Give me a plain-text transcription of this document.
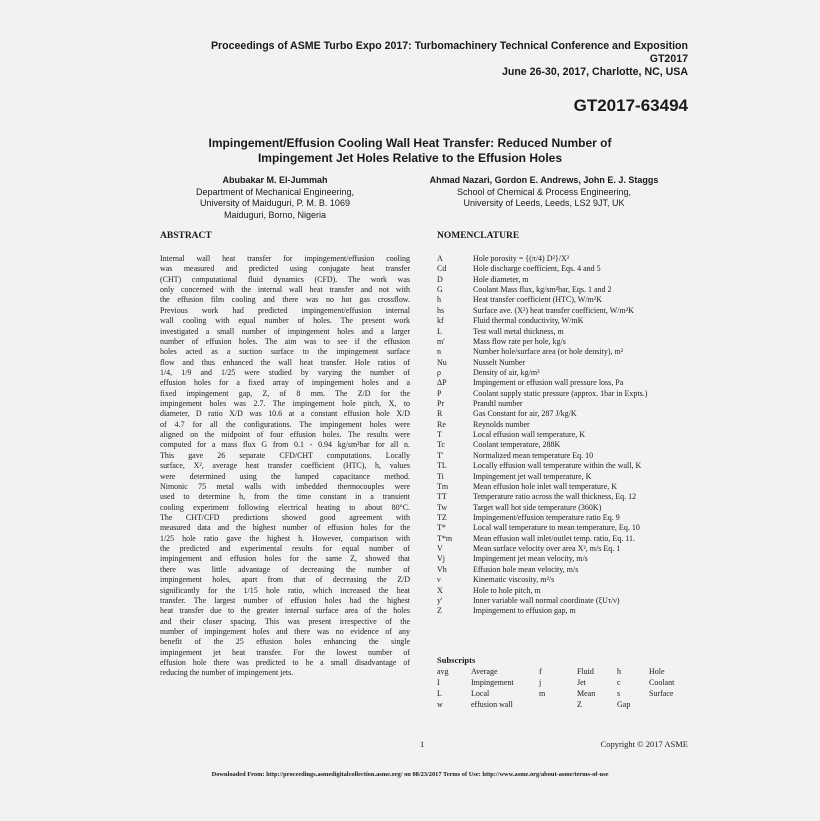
Proceedings of ASME Turbo Expo 2017: Turbomachinery Technical Conference and Exposition
GT2017
June 26-30, 2017, Charlotte, NC, USA
GT2017-63494
Impingement/Effusion Cooling Wall Heat Transfer: Reduced Number of
Impingement Jet Holes Relative to the Effusion Holes
Abubakar M. El-Jummah
Department of Mechanical Engineering,
University of Maiduguri, P. M. B. 1069
Maiduguri, Borno, Nigeria
Ahmad Nazari, Gordon E. Andrews, John E. J. Staggs
School of Chemical & Process Engineering,
University of Leeds, Leeds, LS2 9JT, UK
ABSTRACT	NOMENCLATURE
Internal wall heat transfer for impingement/effusion cooling
was measured and predicted using conjugate heat transfer
(CHT) computational fluid dynamics (CFD). The work was
only concerned with the internal wall heat transfer and not with
the effusion film cooling and there was no hot gas crossflow.
Previous work had predicted impingement/effusion internal
wall cooling with equal number of holes. The present work
investigated a small number of impingement holes and a larger
number of effusion holes. The aim was to see if the effusion
holes acted as a suction surface to the impingement surface
flow and thus enhanced the wall heat transfer. Hole ratios of
1/4, 1/9 and 1/25 were studied by varying the number of
effusion holes for a fixed array of impingement holes and a
fixed impingement gap, Z, of 8 mm. The Z/D for the
impingement holes was 2.7. The impingement hole pitch, X, to
diameter, D ratio X/D was 10.6 at a constant effusion hole X/D
of 4.7 for all the configurations. The impingement holes were
aligned on the midpoint of four effusion holes. The results were
computed for a mass flux G from 0.1 - 0.94 kg/sm²bar for all n.
This gave 26 separate CFD/CHT computations. Locally
surface, X², average heat transfer coefficient (HTC), h, values
were determined using the lumped capacitance method.
Nimonic 75 metal walls with imbedded thermocouples were
used to determine h, from the time constant in a transient
cooling experiment following electrical heating to about 80°C.
The CHT/CFD predictions showed good agreement with
measured data and the highest number of effusion holes for the
1/25 hole ratio gave the highest h. However, comparison with
the predicted and experimental results for equal number of
impingement and effusion holes for the same Z, showed that
there was little advantage of decreasing the number of
impingement holes, apart from that of decreasing the Z/D
significantly for the 1/15 hole ratio, which increased the heat
transfer. The largest number of effusion holes had the highest
heat transfer due to the greater internal surface area of the holes
and their closer spacing. This was present irrespective of the
number of impingement holes and there was no evidence of any
benefit of the 25 effusion holes enhancing the single
impingement jet heat transfer. For the lowest number of
effusion hole there was predicted to be a small disadvantage of
reducing the number of impingement jets.
A	Hole porosity = {(π/4) D²}/X²
Cd	Hole discharge coefficient, Eqs. 4 and 5
D	Hole diameter, m
G	Coolant Mass flux, kg/sm²bar, Eqs. 1 and 2
h	Heat transfer coefficient (HTC), W/m²K
hs	Surface ave. (X²) heat transfer coefficient, W/m²K
kf	Fluid thermal conductivity, W/mK
L	Test wall metal thickness, m
m'	Mass flow rate per hole, kg/s
n	Number hole/surface area (or hole density), m²
Nu	Nusselt Number
ρ	Density of air, kg/m³
ΔP	Impingement or effusion wall pressure loss, Pa
P	Coolant supply static pressure (approx. 1bar in Expts.)
Pr	Prandtl number
R	Gas Constant for air, 287 J/kg/K
Re	Reynolds number
T	Local effusion wall temperature, K
Tc	Coolant temperature, 288K
T'	Normalized mean temperature Eq. 10
TL	Locally effusion wall temperature within the wall, K
Ti	Impingement jet wall temperature, K
Tm	Mean effusion hole inlet wall temperature, K
TT	Temperature ratio across the wall thickness, Eq. 12
Tw	Target wall hot side temperature (360K)
TZ	Impingement/effusion temperature ratio Eq. 9
T*	Local wall temperature to mean temperature, Eq. 10
T*m	Mean effusion wall inlet/outlet temp. ratio, Eq. 11.
V	Mean surface velocity over area X², m/s Eq. 1
Vj	Impingement jet mean velocity, m/s
Vh	Effusion hole mean velocity, m/s
ν	Kinematic viscosity, m²/s
X	Hole to hole pitch, m
y'	Inner variable wall normal coordinate (ξUτ/ν)
Z	Impingement to effusion gap, m
Subscripts
avg	Average	f	Fluid	h	Hole
I	Impingement	j	Jet	c	Coolant
L	Local	m	Mean	s	Surface
w	effusion wall	Z	Gap
1	Copyright © 2017 ASME
Downloaded From: http://proceedings.asmedigitalcollection.asme.org/ on 08/23/2017 Terms of Use: http://www.asme.org/about-asme/terms-of-use
